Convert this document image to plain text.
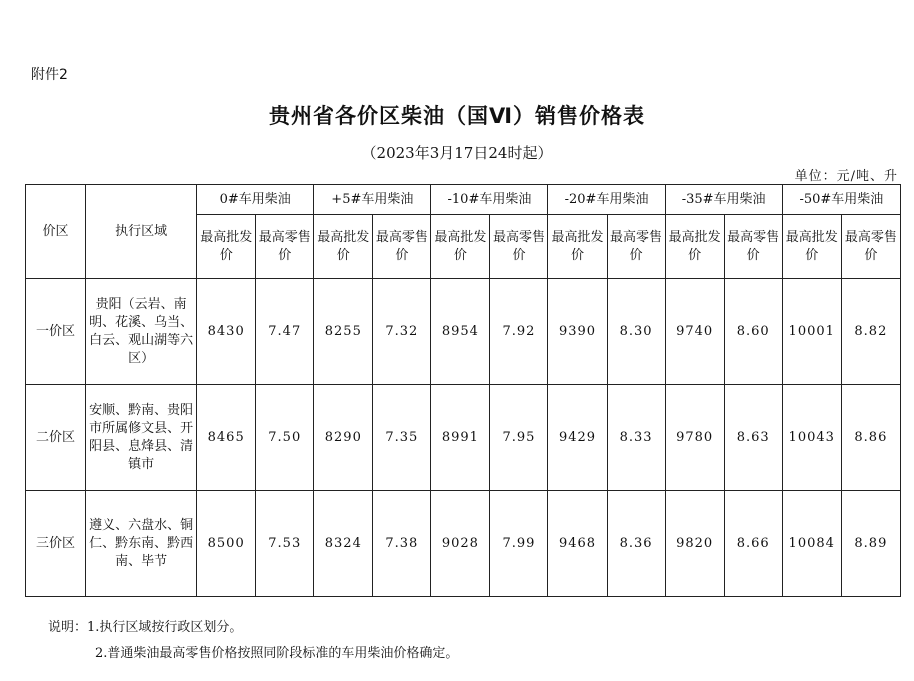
附件2
贵州省各价区柴油（国Ⅵ）销售价格表
（2023年3月17日24时起）
单位：元/吨、升
价区	执行区域	0#车用柴油		+5#车用柴油		-10#车用柴油		-20#车用柴油		-35#车用柴油		-50#车用柴油	
		最高批发价	最高零售价	最高批发价	最高零售价	最高批发价	最高零售价	最高批发价	最高零售价	最高批发价	最高零售价	最高批发价	最高零售价
一价区	贵阳（云岩、南明、花溪、乌当、白云、观山湖等六区）	8430	7.47	8255	7.32	8954	7.92	9390	8.30	9740	8.60	10001	8.82
二价区	安顺、黔南、贵阳市所属修文县、开阳县、息烽县、清镇市	8465	7.50	8290	7.35	8991	7.95	9429	8.33	9780	8.63	10043	8.86
三价区	遵义、六盘水、铜仁、黔东南、黔西南、毕节	8500	7.53	8324	7.38	9028	7.99	9468	8.36	9820	8.66	10084	8.89
说明：1.执行区域按行政区划分。
2.普通柴油最高零售价格按照同阶段标准的车用柴油价格确定。
